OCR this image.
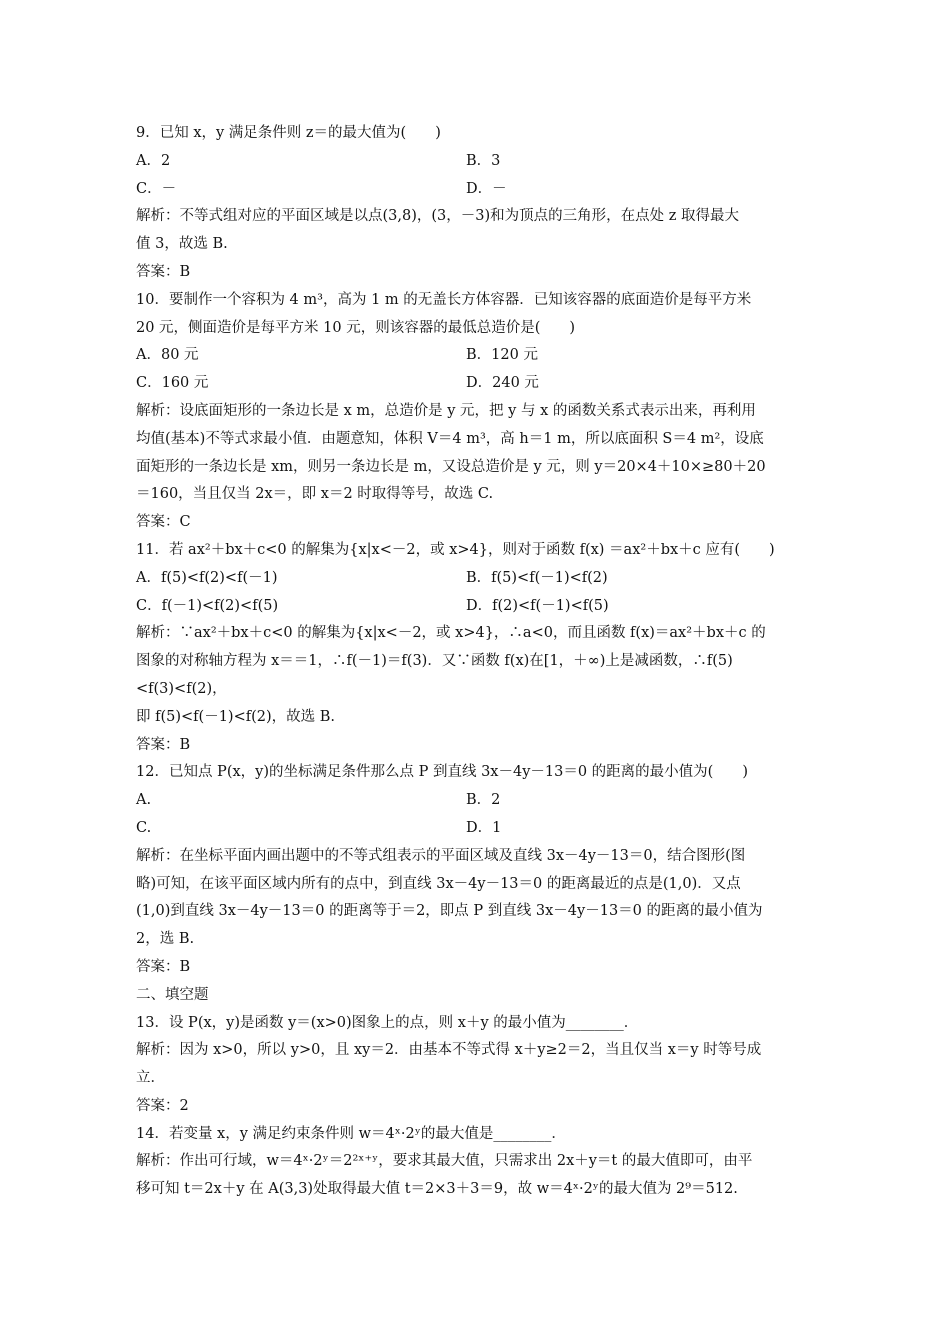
9．已知 x，y 满足条件则 z＝的最大值为(　　)
A．2	B．3
C．－	D．－
解析：不等式组对应的平面区域是以点(3,8)，(3，－3)和为顶点的三角形，在点处 z 取得最大
值 3，故选 B.
答案：B
10．要制作一个容积为 4 m³，高为 1 m 的无盖长方体容器．已知该容器的底面造价是每平方米
20 元，侧面造价是每平方米 10 元，则该容器的最低总造价是(　　)
A．80 元	B．120 元
C．160 元	D．240 元
解析：设底面矩形的一条边长是 x m，总造价是 y 元，把 y 与 x 的函数关系式表示出来，再利用
均值(基本)不等式求最小值．由题意知，体积 V＝4 m³，高 h＝1 m，所以底面积 S＝4 m²，设底
面矩形的一条边长是 xm，则另一条边长是 m，又设总造价是 y 元，则 y＝20×4＋10×≥80＋20
＝160，当且仅当 2x＝，即 x＝2 时取得等号，故选 C.
答案：C
11．若 ax²＋bx＋c<0 的解集为{x|x<－2，或 x>4}，则对于函数 f(x) ＝ax²＋bx＋c 应有(　　)
A．f(5)<f(2)<f(－1)	B．f(5)<f(－1)<f(2)
C．f(－1)<f(2)<f(5)	D．f(2)<f(－1)<f(5)
解析：∵ax²＋bx＋c<0 的解集为{x|x<－2，或 x>4}，∴a<0，而且函数 f(x)＝ax²＋bx＋c 的
图象的对称轴方程为 x＝＝1，∴f(－1)＝f(3)．又∵函数 f(x)在[1，＋∞)上是减函数，∴f(5)
<f(3)<f(2)，
即 f(5)<f(－1)<f(2)，故选 B.
答案：B
12．已知点 P(x，y)的坐标满足条件那么点 P 到直线 3x－4y－13＝0 的距离的最小值为(　　)
A.	B．2
C.	D．1
解析：在坐标平面内画出题中的不等式组表示的平面区域及直线 3x－4y－13＝0，结合图形(图
略)可知，在该平面区域内所有的点中，到直线 3x－4y－13＝0 的距离最近的点是(1,0)．又点
(1,0)到直线 3x－4y－13＝0 的距离等于＝2，即点 P 到直线 3x－4y－13＝0 的距离的最小值为
2，选 B.
答案：B
二、填空题
13．设 P(x，y)是函数 y＝(x>0)图象上的点，则 x＋y 的最小值为________．
解析：因为 x>0，所以 y>0，且 xy＝2．由基本不等式得 x＋y≥2＝2，当且仅当 x＝y 时等号成
立．
答案：2
14．若变量 x，y 满足约束条件则 w＝4ˣ·2ʸ的最大值是________．
解析：作出可行域，w＝4ˣ·2ʸ＝2²ˣ⁺ʸ，要求其最大值，只需求出 2x＋y＝t 的最大值即可，由平
移可知 t＝2x＋y 在 A(3,3)处取得最大值 t＝2×3＋3＝9，故 w＝4ˣ·2ʸ的最大值为 2⁹＝512.
